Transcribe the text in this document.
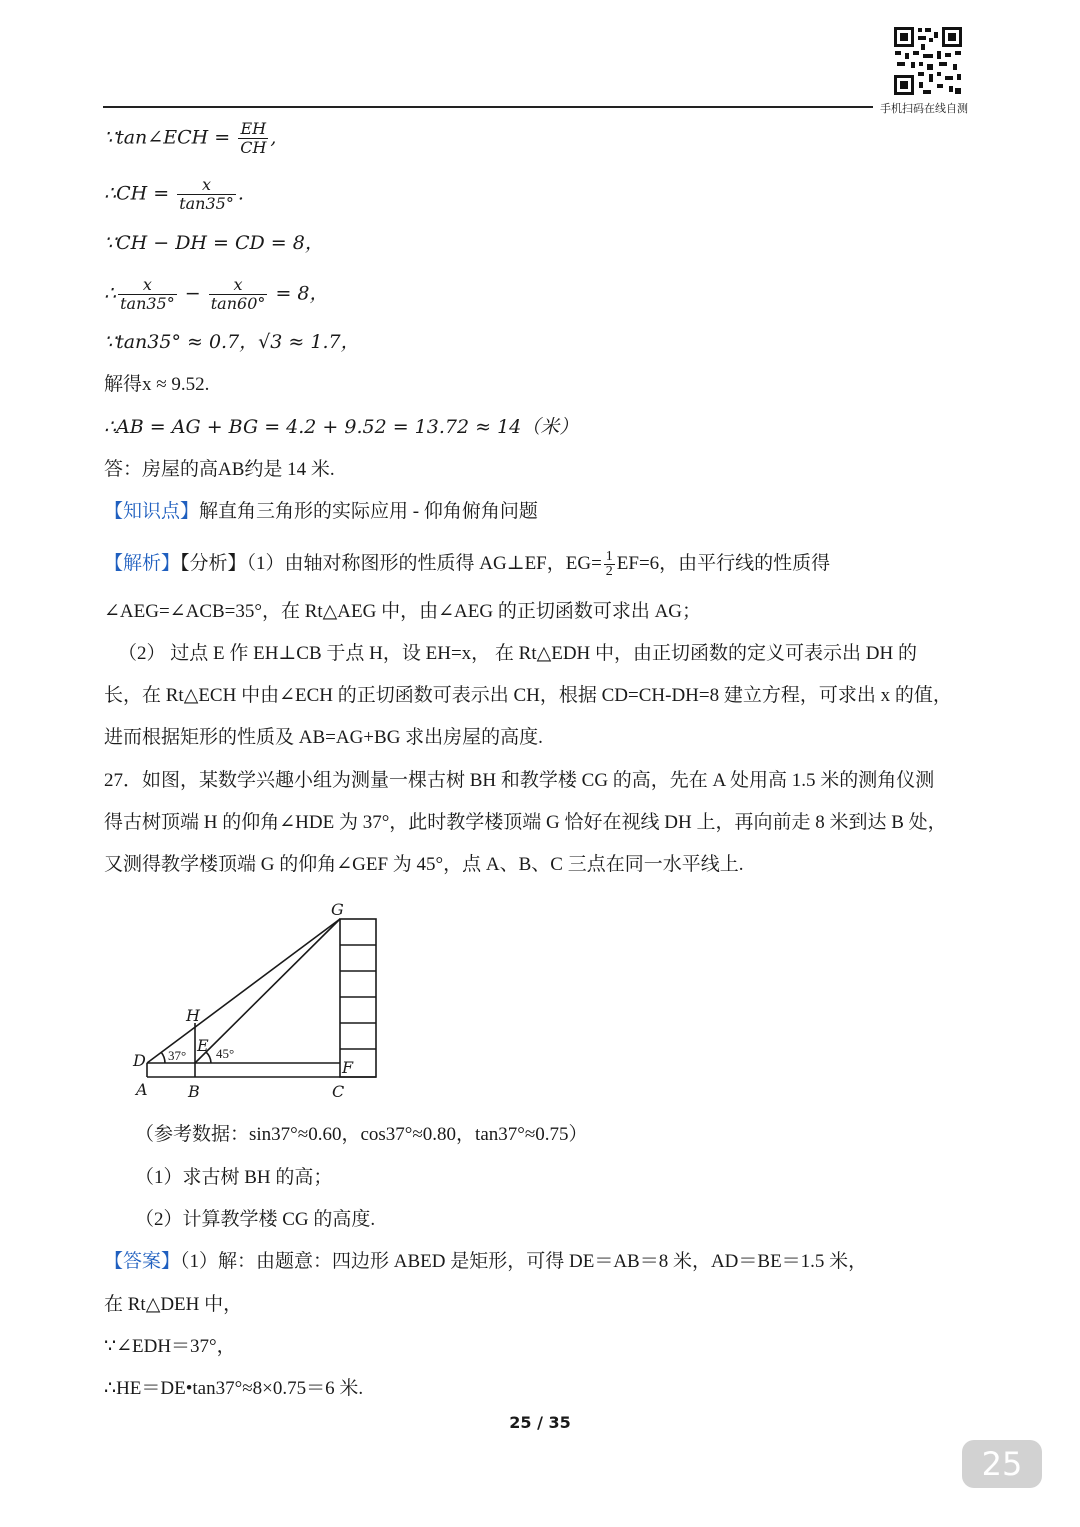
手机扫码在线自测
∵tan∠ECH = $\frac{EH}{CH}$ ,
∴CH = $\frac{x}{\tan 35^\circ}$ .
∵CH − DH = CD = 8，
∴ $\frac{x}{\tan 35^\circ} - \frac{x}{\tan 60^\circ} = 8$，
∵tan35° ≈ 0.7，√3 ≈ 1.7，
解得x ≈ 9.52.
∴AB = AG + BG = 4.2 + 9.52 = 13.72 ≈ 14（米）
答：房屋的高AB约是 14 米.
【知识点】解直角三角形的实际应用 - 仰角俯角问题
【解析】【分析】（1）由轴对称图形的性质得 AG⊥EF，$EG= \frac{1}{2} EF=6$，由平行线的性质得
∠AEG=∠ACB=35°，在 Rt△AEG 中，由∠AEG 的正切函数可求出 AG；
（2） 过点 E 作 EH⊥CB 于点 H，设 EH=x， 在 Rt△EDH 中，由正切函数的定义可表示出 DH 的
长，在 Rt△ECH 中由∠ECH 的正切函数可表示出 CH，根据 CD=CH-DH=8 建立方程，可求出 x 的值，
进而根据矩形的性质及 AB=AG+BG 求出房屋的高度.
27．如图，某数学兴趣小组为测量一棵古树 BH 和教学楼 CG 的高，先在 A 处用高 1.5 米的测角仪测
得古树顶端 H 的仰角∠HDE 为 37°，此时教学楼顶端 G 恰好在视线 DH 上，再向前走 8 米到达 B 处，
又测得教学楼顶端 G 的仰角∠GEF 为 45°，点 A、B、C 三点在同一水平线上.
G
H
D
E
F
A	B	C
37° 45°
（参考数据：sin37°≈0.60，cos37°≈0.80，tan37°≈0.75）
（1）求古树 BH 的高；
（2）计算教学楼 CG 的高度.
【答案】（1）解：由题意：四边形 ABED 是矩形，可得 DE＝AB＝8 米，AD＝BE＝1.5 米，
在 Rt△DEH 中，
∵∠EDH＝37°，
∴HE＝DE•tan37°≈8×0.75＝6 米.
25 / 35
25
